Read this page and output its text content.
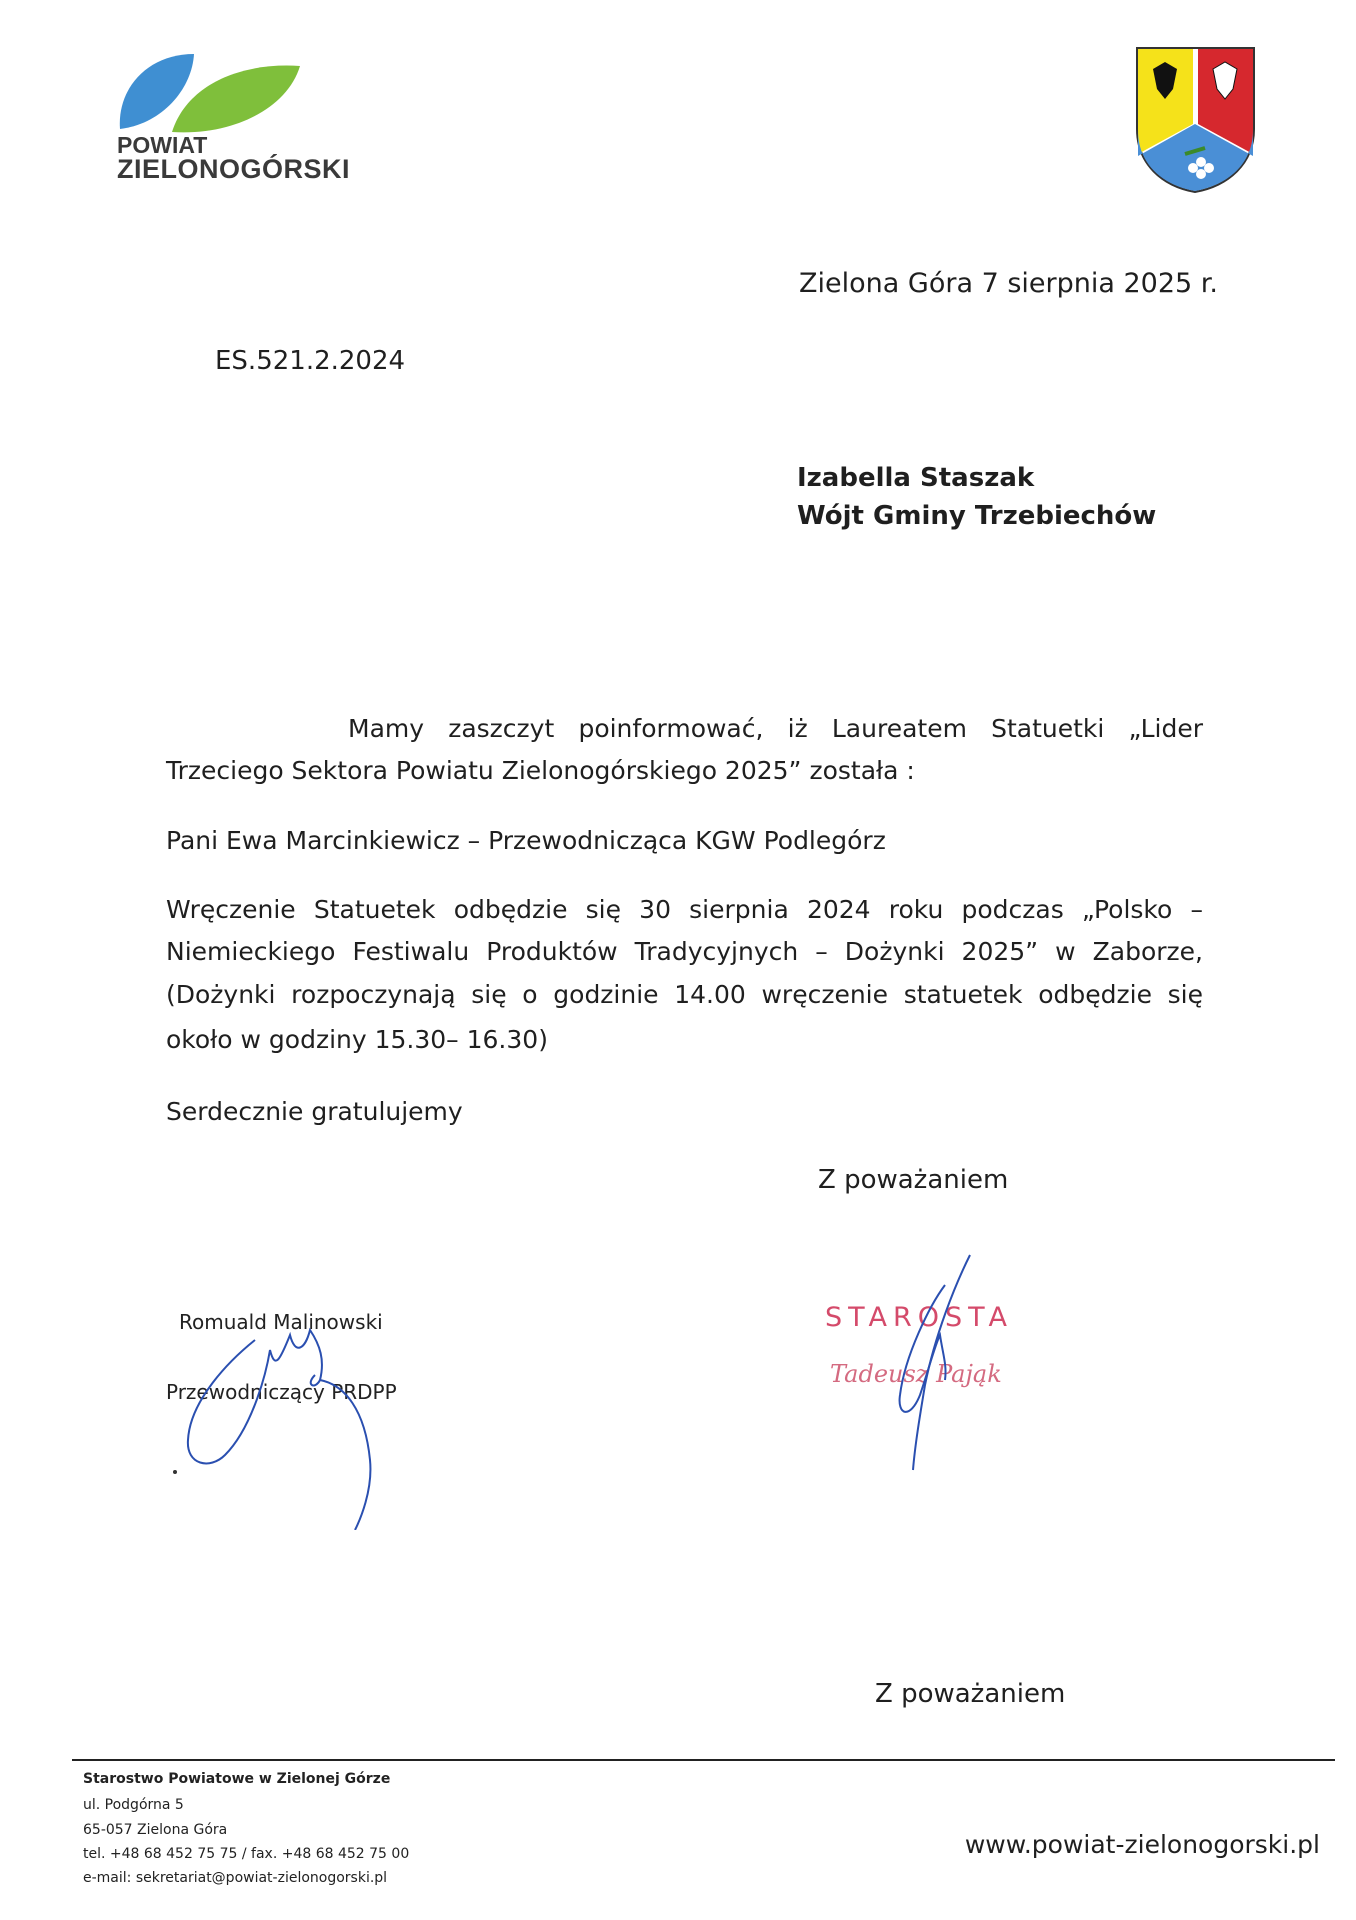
POWIAT
ZIELONOGÓRSKI
Zielona Góra 7 sierpnia 2025 r.
ES.521.2.2024
Izabella Staszak
Wójt Gminy Trzebiechów
Mamy zaszczyt poinformować, iż Laureatem Statuetki „Lider
Trzeciego Sektora Powiatu Zielonogórskiego 2025” została :
Pani Ewa Marcinkiewicz – Przewodnicząca KGW Podlegórz
Wręczenie Statuetek odbędzie się 30 sierpnia 2024 roku podczas „Polsko –
Niemieckiego Festiwalu Produktów Tradycyjnych – Dożynki 2025” w Zaborze,
(Dożynki rozpoczynają się o godzinie 14.00 wręczenie statuetek odbędzie się
około w godziny 15.30– 16.30)
Serdecznie gratulujemy
Z poważaniem
Romuald Malinowski
Przewodniczący PRDPP
STAROSTA
Tadeusz Pająk
Z poważaniem
Starostwo Powiatowe w Zielonej Górze
ul. Podgórna 5
65-057 Zielona Góra
tel. +48 68 452 75 75 / fax. +48 68 452 75 00
e-mail: sekretariat@powiat-zielonogorski.pl
www.powiat-zielonogorski.pl
